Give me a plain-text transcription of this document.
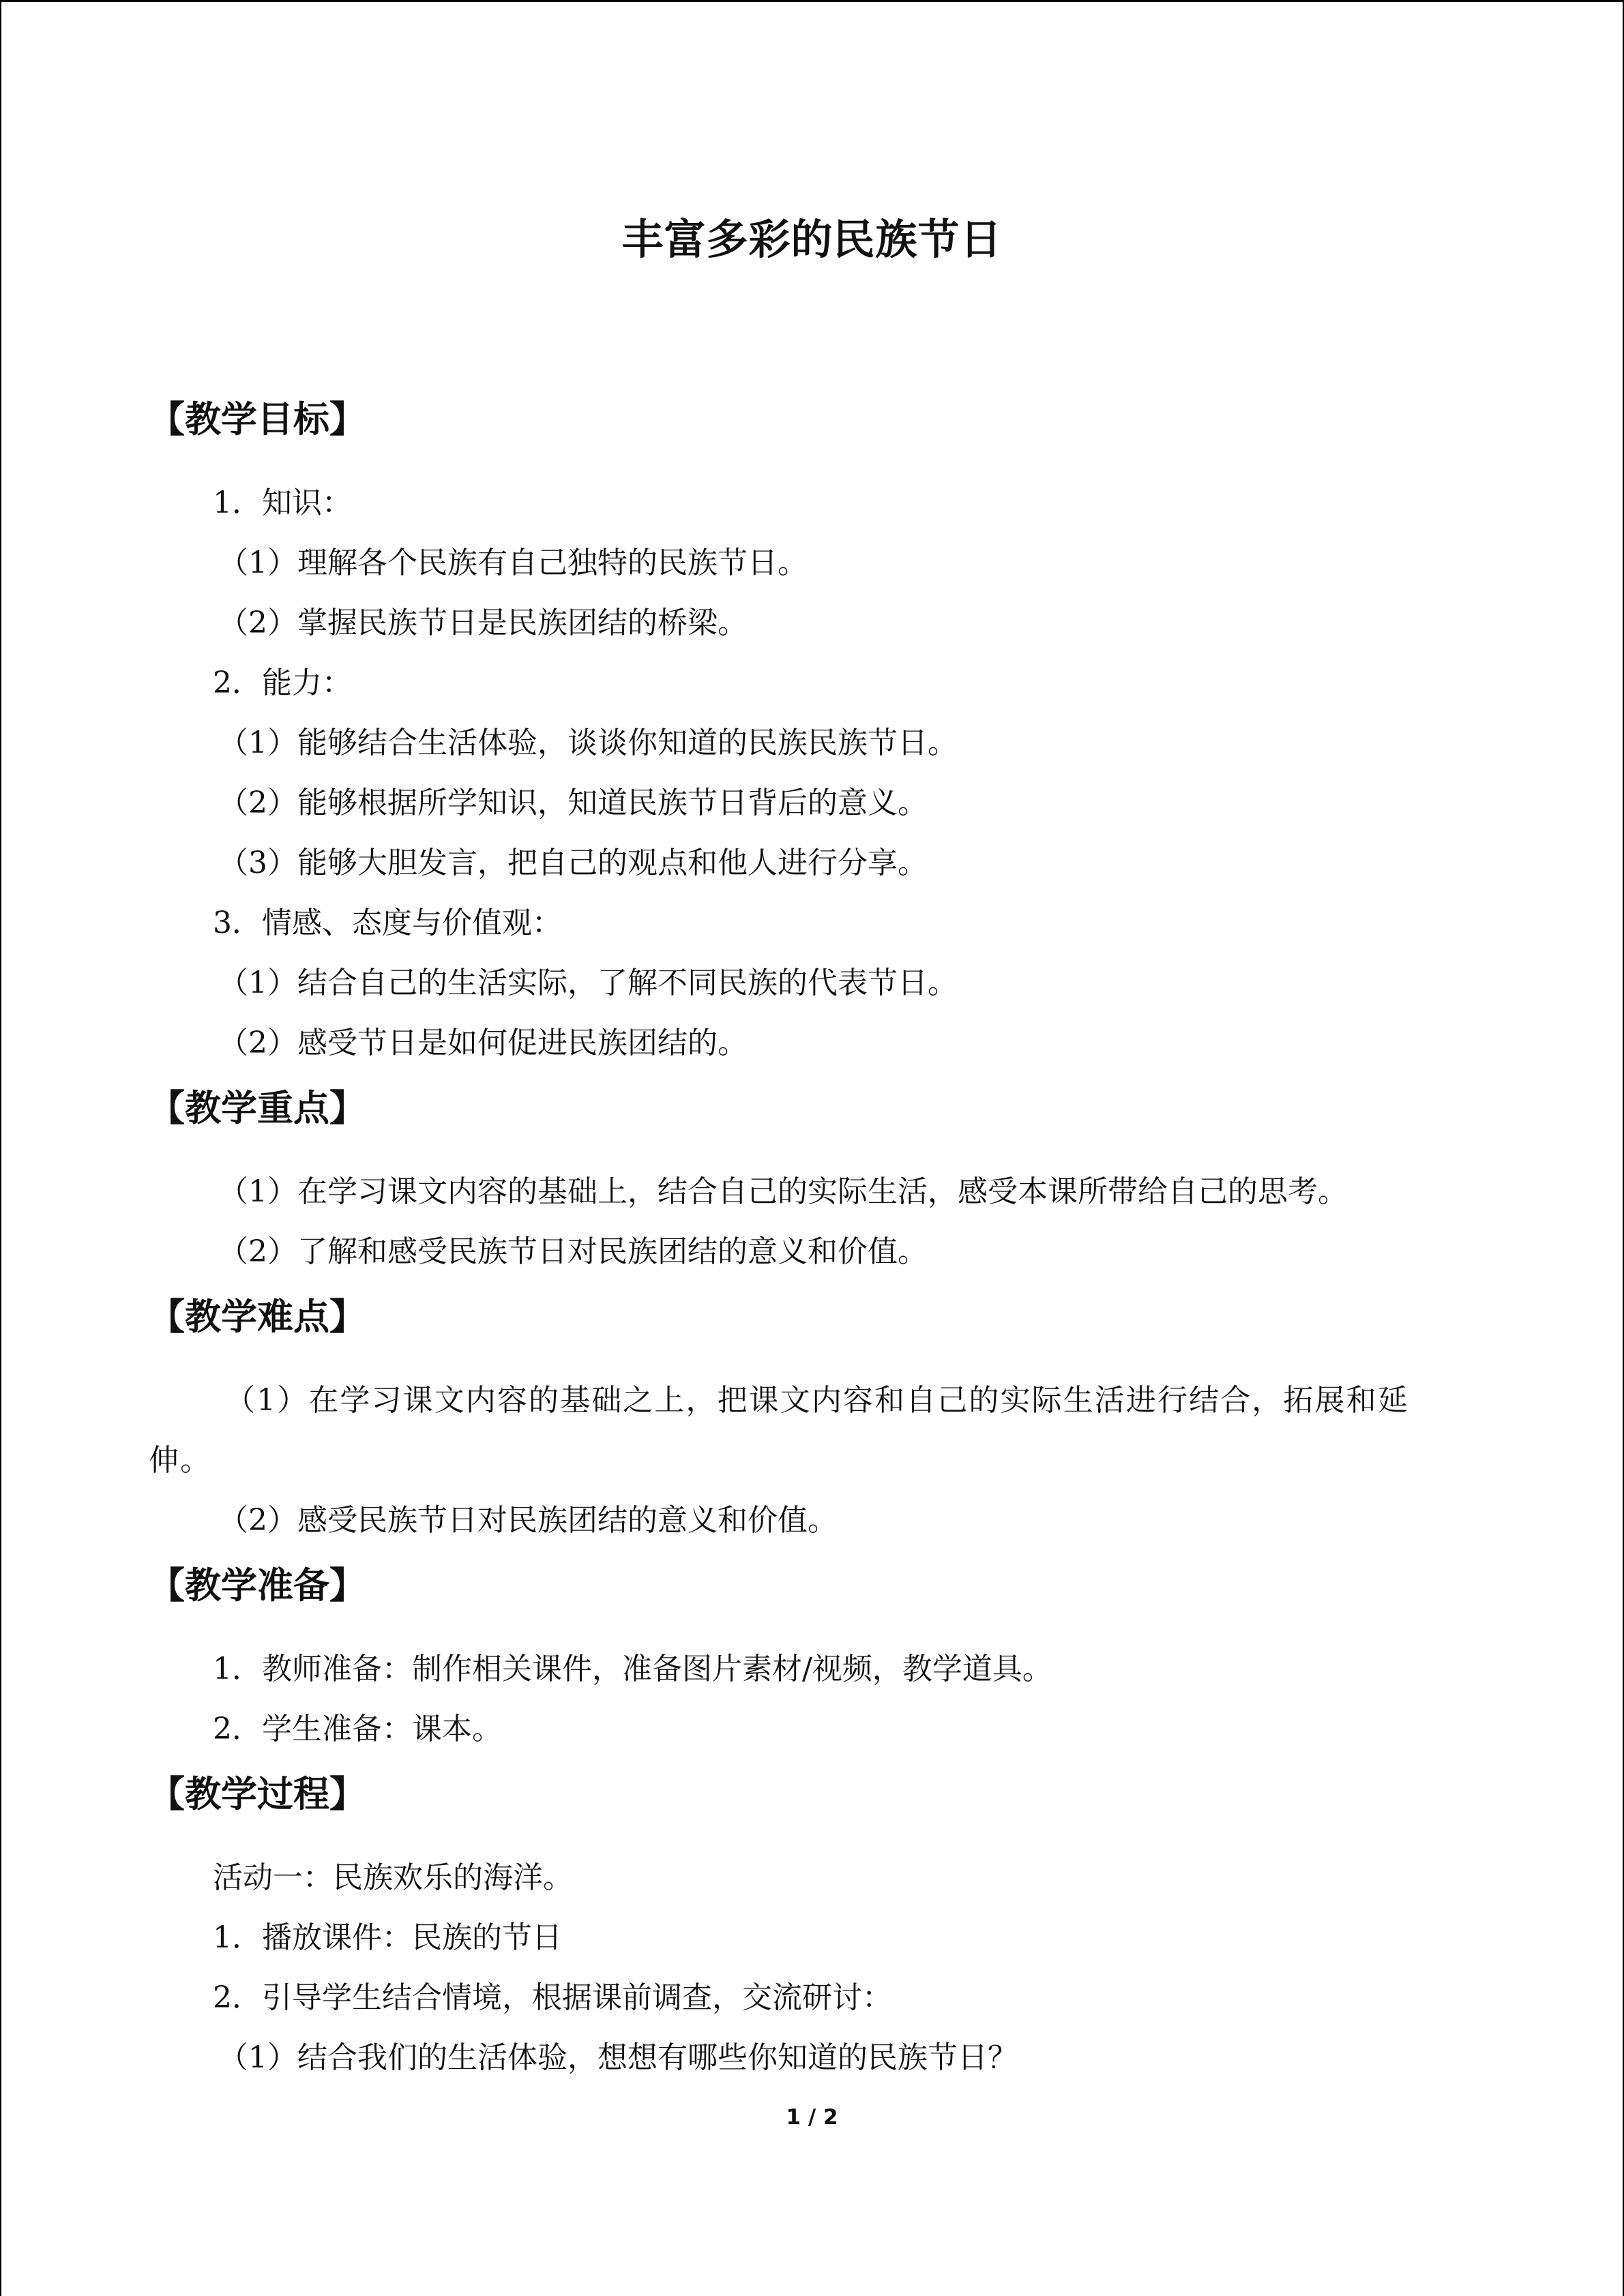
丰富多彩的民族节日
【教学目标】
1．知识：
（1）理解各个民族有自己独特的民族节日。
（2）掌握民族节日是民族团结的桥梁。
2．能力：
（1）能够结合生活体验，谈谈你知道的民族民族节日。
（2）能够根据所学知识，知道民族节日背后的意义。
（3）能够大胆发言，把自己的观点和他人进行分享。
3．情感、态度与价值观：
（1）结合自己的生活实际，了解不同民族的代表节日。
（2）感受节日是如何促进民族团结的。
【教学重点】
（1）在学习课文内容的基础上，结合自己的实际生活，感受本课所带给自己的思考。
（2）了解和感受民族节日对民族团结的意义和价值。
【教学难点】
（1）在学习课文内容的基础之上，把课文内容和自己的实际生活进行结合，拓展和延伸。
（2）感受民族节日对民族团结的意义和价值。
【教学准备】
1．教师准备：制作相关课件，准备图片素材/视频，教学道具。
2．学生准备：课本。
【教学过程】
活动一：民族欢乐的海洋。
1．播放课件：民族的节日
2．引导学生结合情境，根据课前调查，交流研讨：
（1）结合我们的生活体验，想想有哪些你知道的民族节日？
1 / 2
